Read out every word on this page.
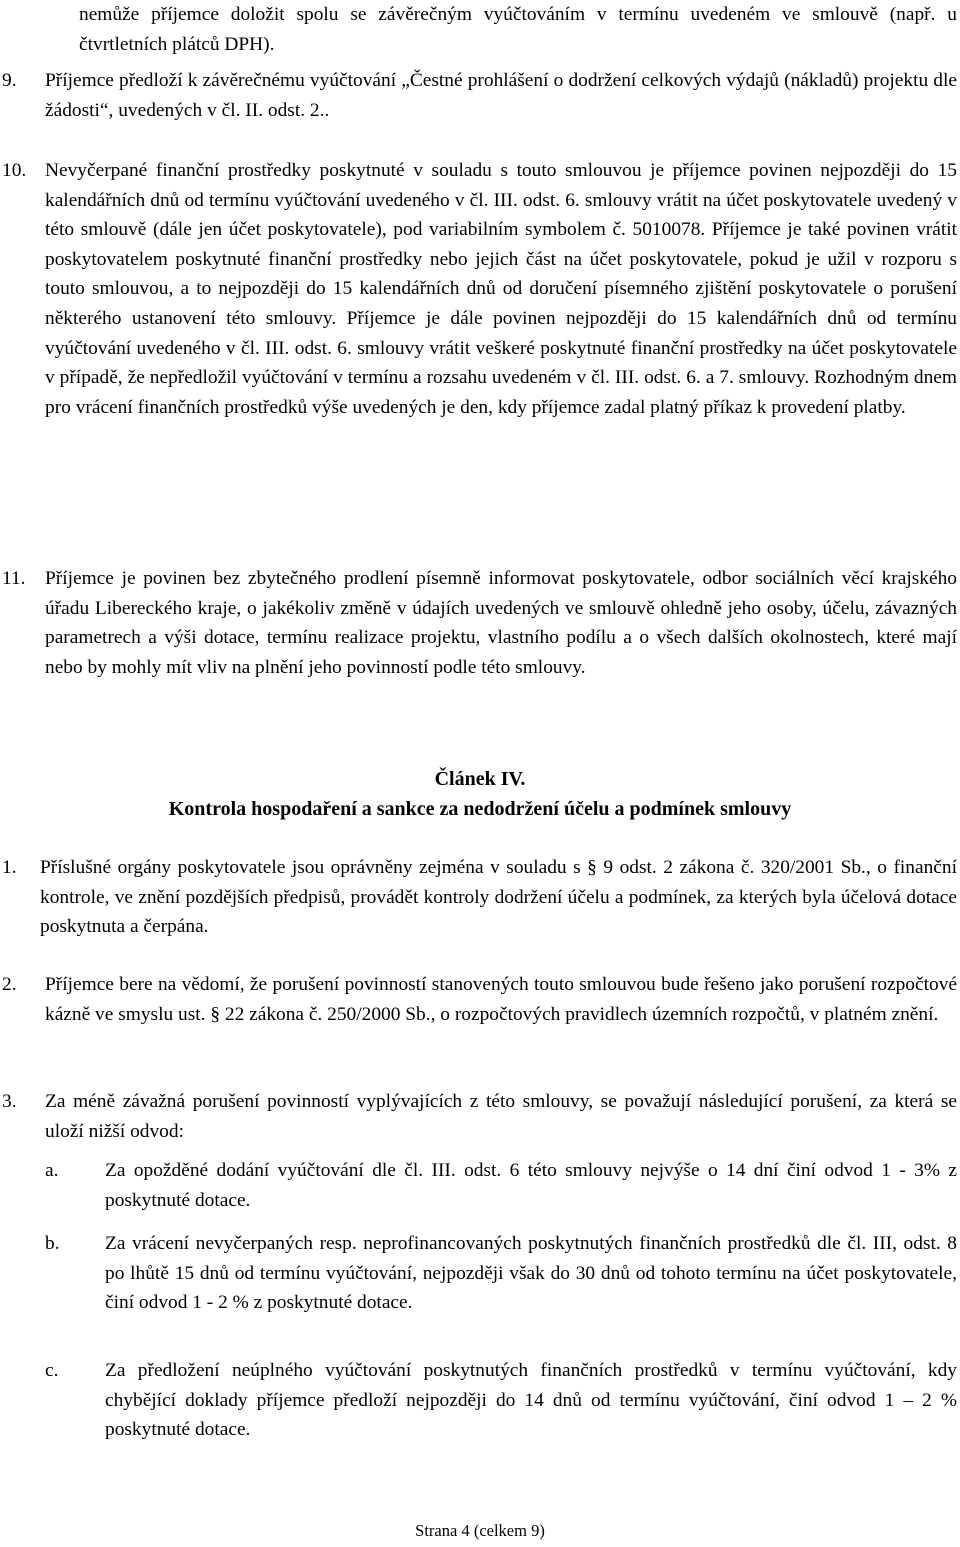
nemůže příjemce doložit spolu se závěrečným vyúčtováním v termínu uvedeném ve smlouvě (např. u čtvrtletních plátců DPH).
9. Příjemce předloží k závěrečnému vyúčtování „Čestné prohlášení o dodržení celkových výdajů (nákladů) projektu dle žádosti“, uvedených v čl. II. odst. 2..
10. Nevyčerpané finanční prostředky poskytnuté v souladu s touto smlouvou je příjemce povinen nejpozději do 15 kalendářních dnů od termínu vyúčtování uvedeného v čl. III. odst. 6. smlouvy vrátit na účet poskytovatele uvedený v této smlouvě (dále jen účet poskytovatele), pod variabilním symbolem č. 5010078. Příjemce je také povinen vrátit poskytovatelem poskytnuté finanční prostředky nebo jejich část na účet poskytovatele, pokud je užil v rozporu s touto smlouvou, a to nejpozději do 15 kalendářních dnů od doručení písemného zjištění poskytovatele o porušení některého ustanovení této smlouvy. Příjemce je dále povinen nejpozději do 15 kalendářních dnů od termínu vyúčtování uvedeného v čl. III. odst. 6. smlouvy vrátit veškeré poskytnuté finanční prostředky na účet poskytovatele v případě, že nepředložil vyúčtování v termínu a rozsahu uvedeném v čl. III. odst. 6. a 7. smlouvy. Rozhodným dnem pro vrácení finančních prostředků výše uvedených je den, kdy příjemce zadal platný příkaz k provedení platby.
11. Příjemce je povinen bez zbytečného prodlení písemně informovat poskytovatele, odbor sociálních věcí krajského úřadu Libereckého kraje, o jakékoliv změně v údajích uvedených ve smlouvě ohledně jeho osoby, účelu, závazných parametrech a výši dotace, termínu realizace projektu, vlastního podílu a o všech dalších okolnostech, které mají nebo by mohly mít vliv na plnění jeho povinností podle této smlouvy.
Článek IV.
Kontrola hospodaření a sankce za nedodržení účelu a podmínek smlouvy
1. Příslušné orgány poskytovatele jsou oprávněny zejména v souladu s § 9 odst. 2 zákona č. 320/2001 Sb., o finanční kontrole, ve znění pozdějších předpisů, provádět kontroly dodržení účelu a podmínek, za kterých byla účelová dotace poskytnuta a čerpána.
2. Příjemce bere na vědomí, že porušení povinností stanovených touto smlouvou bude řešeno jako porušení rozpočtové kázně ve smyslu ust. § 22 zákona č. 250/2000 Sb., o rozpočtových pravidlech územních rozpočtů, v platném znění.
3. Za méně závažná porušení povinností vyplývajících z této smlouvy, se považují následující porušení, za která se uloží nižší odvod:
a. Za opožděné dodání vyúčtování dle čl. III. odst. 6 této smlouvy nejvýše o 14 dní činí odvod 1 - 3% z poskytnuté dotace.
b. Za vrácení nevyčerpaných resp. neprofinancovaných poskytnutých finančních prostředků dle čl. III, odst. 8 po lhůtě 15 dnů od termínu vyúčtování, nejpozději však do 30 dnů od tohoto termínu na účet poskytovatele, činí odvod 1 - 2 % z poskytnuté dotace.
c. Za předložení neúplného vyúčtování poskytnutých finančních prostředků v termínu vyúčtování, kdy chybějící doklady příjemce předloží nejpozději do 14 dnů od termínu vyúčtování, činí odvod 1 – 2 % poskytnuté dotace.
Strana 4 (celkem 9)
